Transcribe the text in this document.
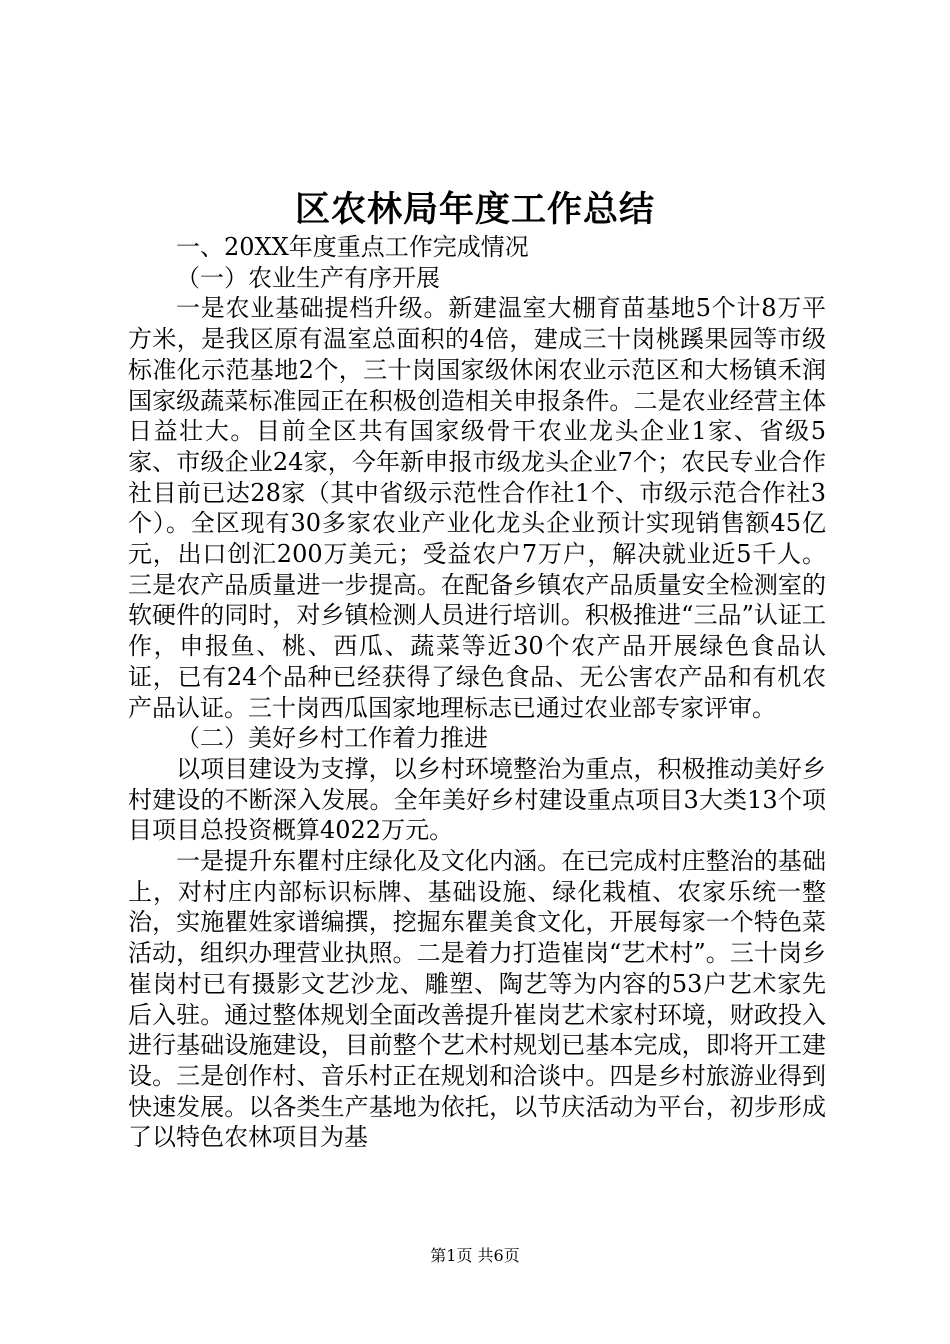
区农林局年度工作总结

一、20XX年度重点工作完成情况

（一）农业生产有序开展

一是农业基础提档升级。新建温室大棚育苗基地5个计8万平方米，是我区原有温室总面积的4倍，建成三十岗桃蹊果园等市级标准化示范基地2个，三十岗国家级休闲农业示范区和大杨镇禾润国家级蔬菜标准园正在积极创造相关申报条件。二是农业经营主体日益壮大。目前全区共有国家级骨干农业龙头企业1家、省级5家、市级企业24家，今年新申报市级龙头企业7个；农民专业合作社目前已达28家（其中省级示范性合作社1个、市级示范合作社3个）。全区现有30多家农业产业化龙头企业预计实现销售额45亿元，出口创汇200万美元；受益农户7万户，解决就业近5千人。三是农产品质量进一步提高。在配备乡镇农产品质量安全检测室的软硬件的同时，对乡镇检测人员进行培训。积极推进“三品”认证工作，申报鱼、桃、西瓜、蔬菜等近30个农产品开展绿色食品认证，已有24个品种已经获得了绿色食品、无公害农产品和有机农产品认证。三十岗西瓜国家地理标志已通过农业部专家评审。

（二）美好乡村工作着力推进

以项目建设为支撑，以乡村环境整治为重点，积极推动美好乡村建设的不断深入发展。全年美好乡村建设重点项目3大类13个项目项目总投资概算4022万元。

一是提升东瞿村庄绿化及文化内涵。在已完成村庄整治的基础上，对村庄内部标识标牌、基础设施、绿化栽植、农家乐统一整治，实施瞿姓家谱编撰，挖掘东瞿美食文化，开展每家一个特色菜活动，组织办理营业执照。二是着力打造崔岗“艺术村”。三十岗乡崔岗村已有摄影文艺沙龙、雕塑、陶艺等为内容的53户艺术家先后入驻。通过整体规划全面改善提升崔岗艺术家村环境，财政投入进行基础设施建设，目前整个艺术村规划已基本完成，即将开工建设。三是创作村、音乐村正在规划和洽谈中。四是乡村旅游业得到快速发展。以各类生产基地为依托，以节庆活动为平台，初步形成了以特色农林项目为基

第1页 共6页
